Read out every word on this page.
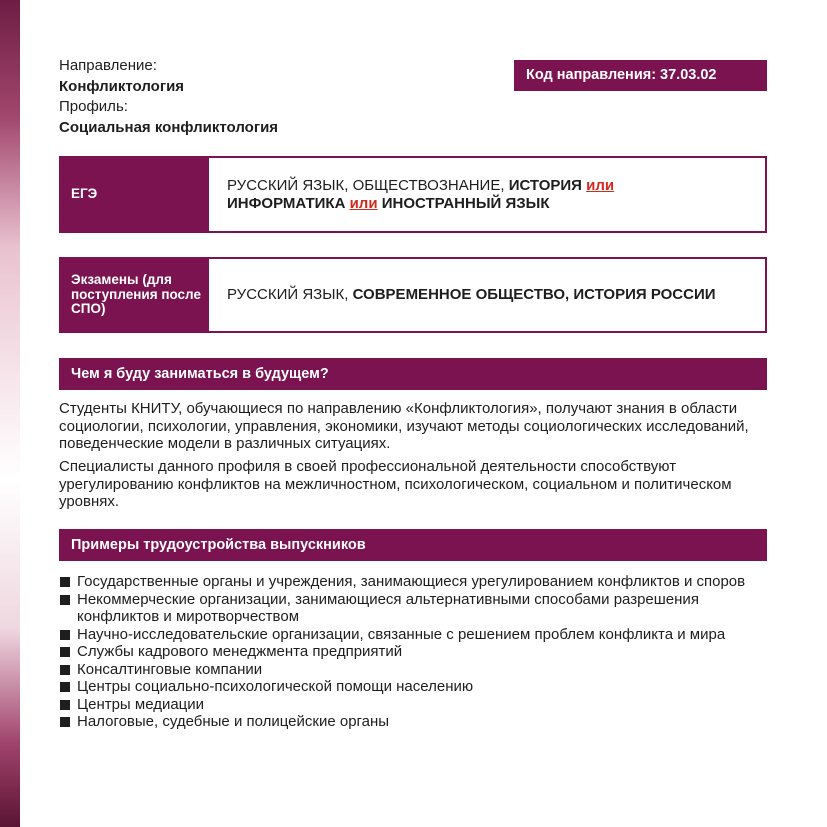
Направление:
Конфликтология
Профиль:
Социальная конфликтология
Код направления: 37.03.02
ЕГЭ
РУССКИЙ ЯЗЫК, ОБЩЕСТВОЗНАНИЕ, ИСТОРИЯ или
ИНФОРМАТИКА или ИНОСТРАННЫЙ ЯЗЫК
Экзамены (для поступления после СПО)
РУССКИЙ ЯЗЫК, СОВРЕМЕННОЕ ОБЩЕСТВО, ИСТОРИЯ РОССИИ
Чем я буду заниматься в будущем?

Студенты КНИТУ, обучающиеся по направлению «Конфликтология», получают знания в области социологии, психологии, управления, экономики, изучают методы социологических исследований, поведенческие модели в различных ситуациях.

Специалисты данного профиля в своей профессиональной деятельности способствуют урегулированию конфликтов на межличностном, психологическом, социальном и политическом уровнях.

Примеры трудоустройства выпускников
Государственные органы и учреждения, занимающиеся урегулированием конфликтов и споров
Некоммерческие организации, занимающиеся альтернативными способами разрешения конфликтов и миротворчеством
Научно-исследовательские организации, связанные с решением проблем конфликта и мира
Службы кадрового менеджмента предприятий
Консалтинговые компании
Центры социально-психологической помощи населению
Центры медиации
Налоговые, судебные и полицейские органы
